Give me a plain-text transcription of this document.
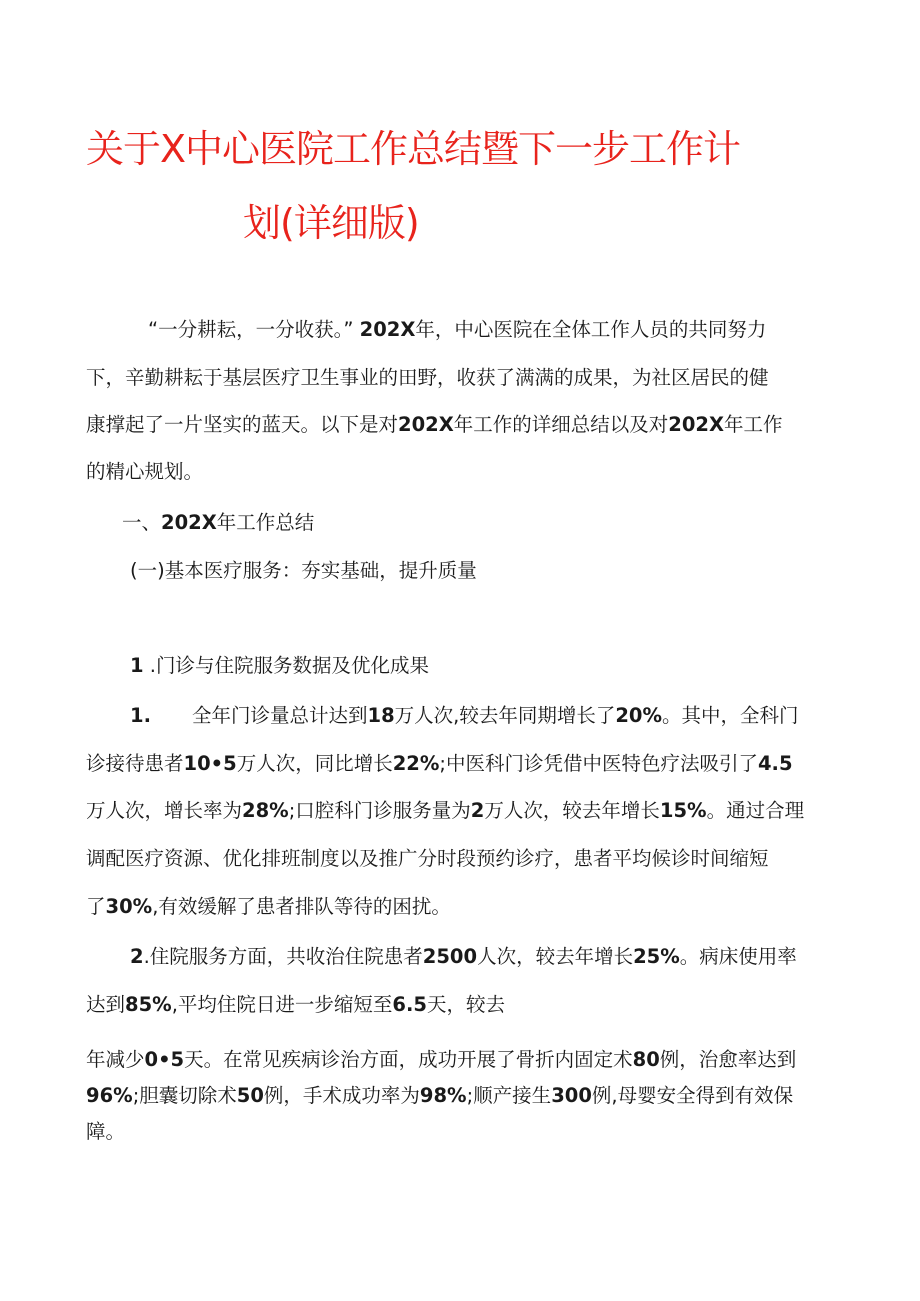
关于X中心医院工作总结暨下一步工作计
划(详细版)
“一分耕耘，一分收获。” 202X年，中心医院在全体工作人员的共同努力
下，辛勤耕耘于基层医疗卫生事业的田野，收获了满满的成果，为社区居民的健
康撑起了一片坚实的蓝天。以下是对202X年工作的详细总结以及对202X年工作
的精心规划。
一、202X年工作总结
(一)基本医疗服务：夯实基础，提升质量
1 .门诊与住院服务数据及优化成果
1. 全年门诊量总计达到18万人次,较去年同期增长了20%。其中，全科门
诊接待患者10•5万人次，同比增长22%;中医科门诊凭借中医特色疗法吸引了4.5
万人次，增长率为28%;口腔科门诊服务量为2万人次，较去年增长15%。通过合理
调配医疗资源、优化排班制度以及推广分时段预约诊疗，患者平均候诊时间缩短
了30%,有效缓解了患者排队等待的困扰。
2.住院服务方面，共收治住院患者2500人次，较去年增长25%。病床使用率
达到85%,平均住院日进一步缩短至6.5天，较去
年减少0•5天。在常见疾病诊治方面，成功开展了骨折内固定术80例，治愈率达到
96%;胆囊切除术50例，手术成功率为98%;顺产接生300例,母婴安全得到有效保
障。
